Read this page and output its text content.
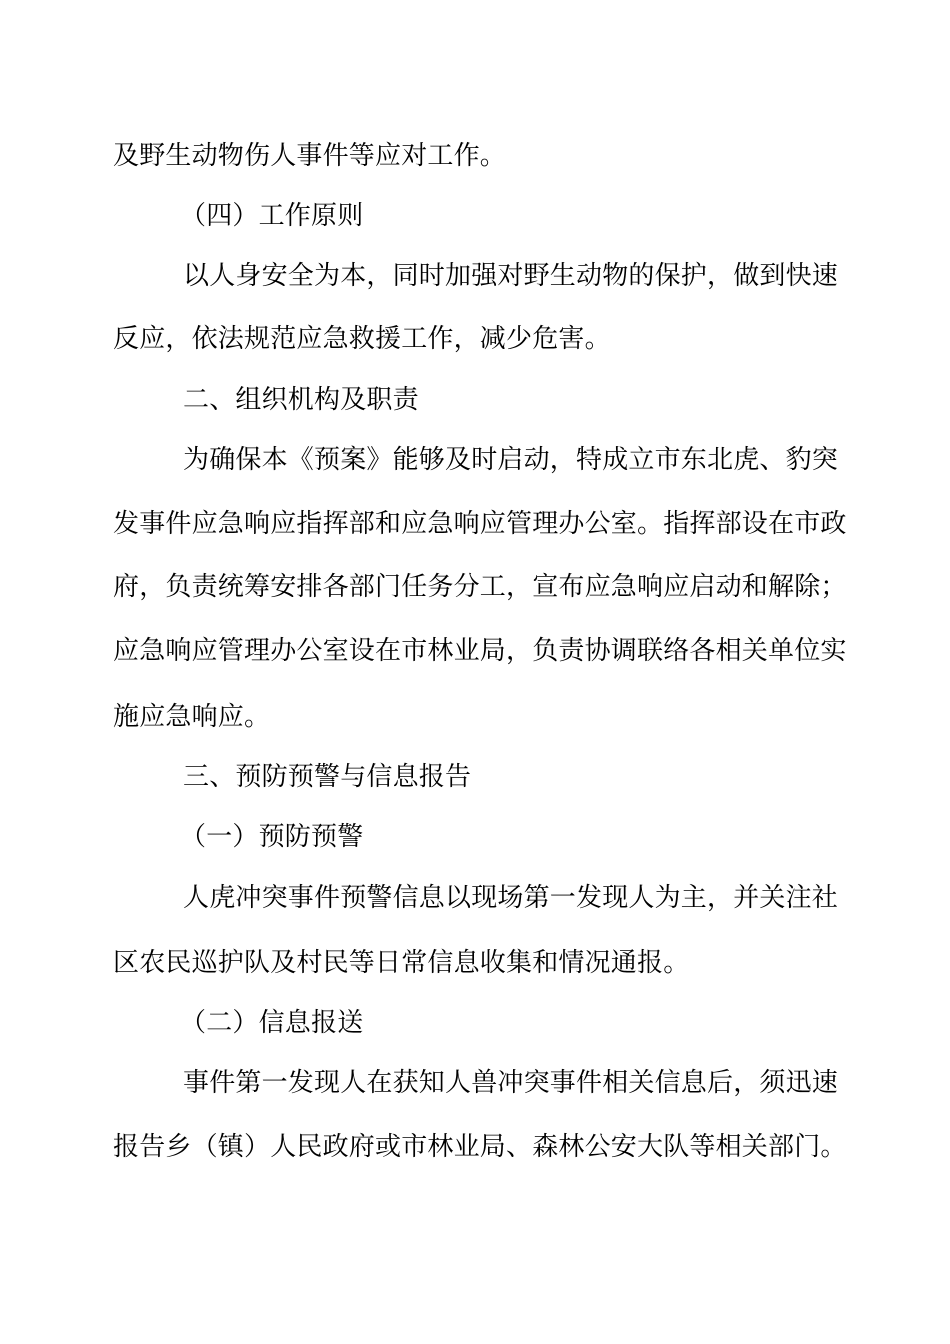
及野生动物伤人事件等应对工作。
（四）工作原则
以人身安全为本，同时加强对野生动物的保护，做到快速
反应，依法规范应急救援工作，减少危害。
二、组织机构及职责
为确保本《预案》能够及时启动，特成立市东北虎、豹突
发事件应急响应指挥部和应急响应管理办公室。指挥部设在市政
府，负责统筹安排各部门任务分工，宣布应急响应启动和解除；
应急响应管理办公室设在市林业局，负责协调联络各相关单位实
施应急响应。
三、预防预警与信息报告
（一）预防预警
人虎冲突事件预警信息以现场第一发现人为主，并关注社
区农民巡护队及村民等日常信息收集和情况通报。
（二）信息报送
事件第一发现人在获知人兽冲突事件相关信息后，须迅速
报告乡（镇）人民政府或市林业局、森林公安大队等相关部门。
